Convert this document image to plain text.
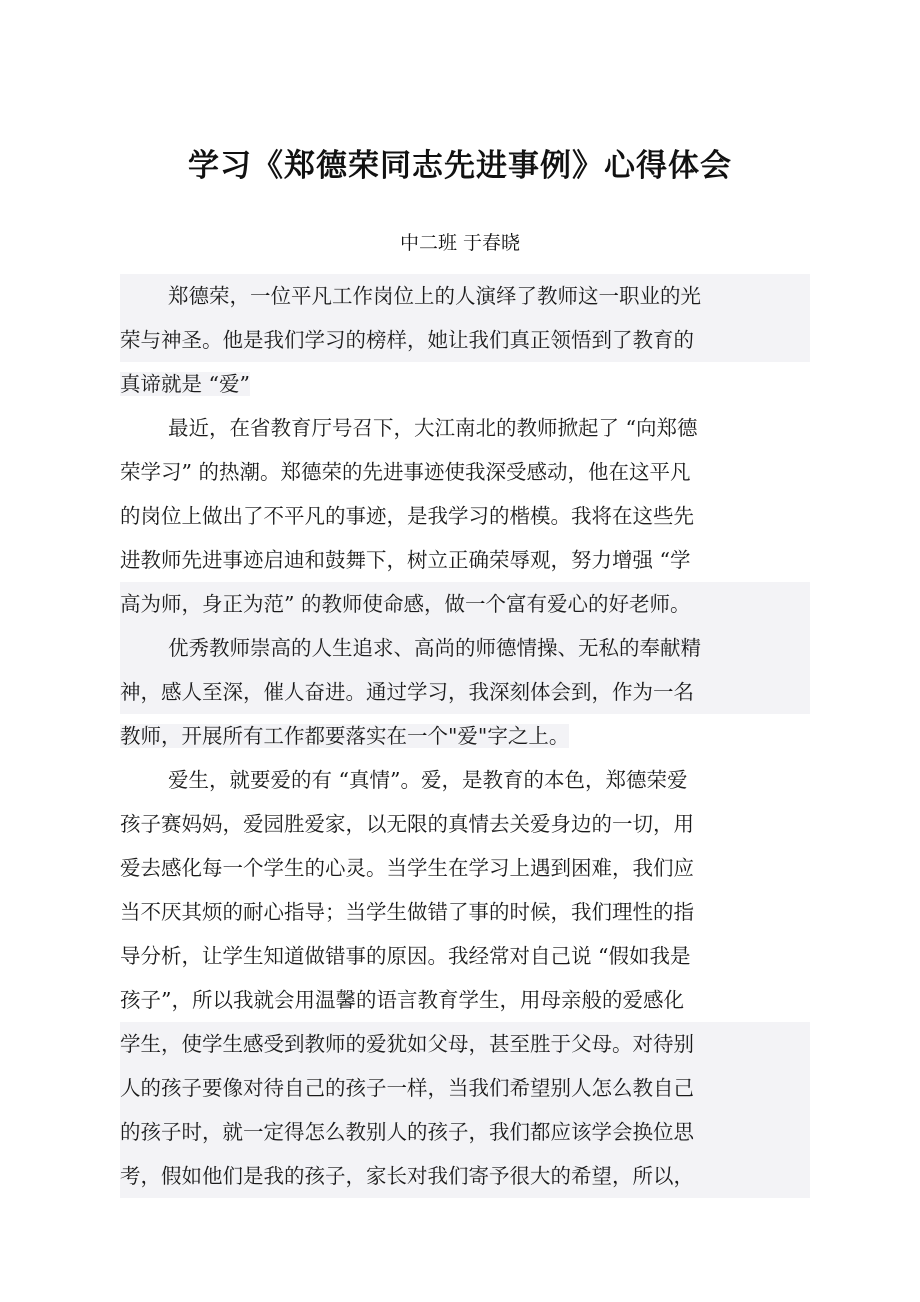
学习《郑德荣同志先进事例》心得体会
中二班 于春晓
郑德荣，一位平凡工作岗位上的人演绎了教师这一职业的光
荣与神圣。他是我们学习的榜样，她让我们真正领悟到了教育的
真谛就是 “爱”
最近，在省教育厅号召下，大江南北的教师掀起了 “向郑德
荣学习” 的热潮。郑德荣的先进事迹使我深受感动，他在这平凡
的岗位上做出了不平凡的事迹，是我学习的楷模。我将在这些先
进教师先进事迹启迪和鼓舞下，树立正确荣辱观，努力增强 “学
高为师，身正为范” 的教师使命感，做一个富有爱心的好老师。
优秀教师崇高的人生追求、高尚的师德情操、无私的奉献精
神，感人至深，催人奋进。通过学习，我深刻体会到，作为一名
教师，开展所有工作都要落实在一个"爱"字之上。
爱生，就要爱的有 “真情”。爱，是教育的本色，郑德荣爱
孩子赛妈妈，爱园胜爱家，以无限的真情去关爱身边的一切，用
爱去感化每一个学生的心灵。当学生在学习上遇到困难，我们应
当不厌其烦的耐心指导；当学生做错了事的时候，我们理性的指
导分析，让学生知道做错事的原因。我经常对自己说 “假如我是
孩子”，所以我就会用温馨的语言教育学生，用母亲般的爱感化
学生，使学生感受到教师的爱犹如父母，甚至胜于父母。对待别
人的孩子要像对待自己的孩子一样，当我们希望别人怎么教自己
的孩子时，就一定得怎么教别人的孩子，我们都应该学会换位思
考，假如他们是我的孩子，家长对我们寄予很大的希望，所以，
